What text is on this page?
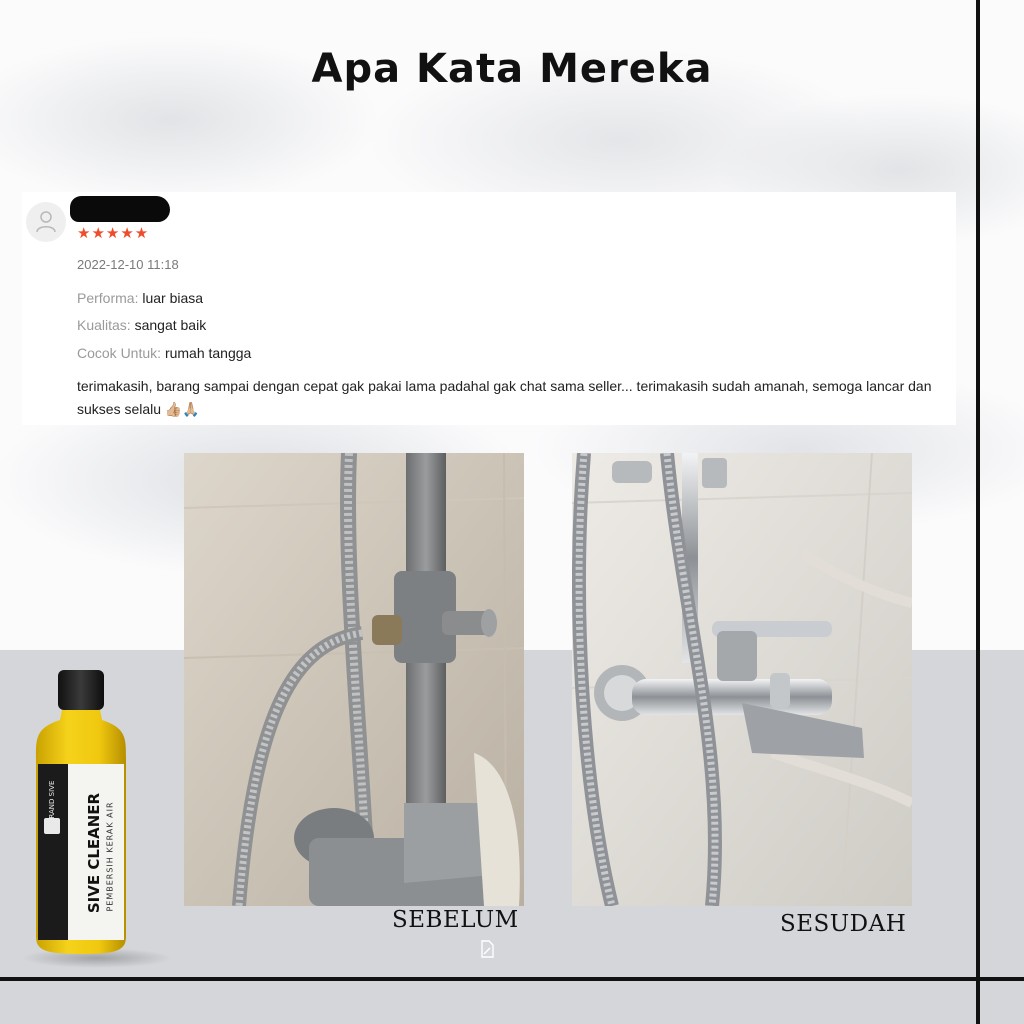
Apa Kata Mereka
★★★★★
2022-12-10 11:18
Performa: luar biasa
Kualitas: sangat baik
Cocok Untuk: rumah tangga
terimakasih, barang sampai dengan cepat gak pakai lama padahal gak chat sama seller... terimakasih sudah amanah, semoga lancar dan sukses selalu 👍🏼🙏🏼
SEBELUM	SESUDAH
SIVE CLEANER PEMBERSIH KERAK AIR
BRAND SIVE
